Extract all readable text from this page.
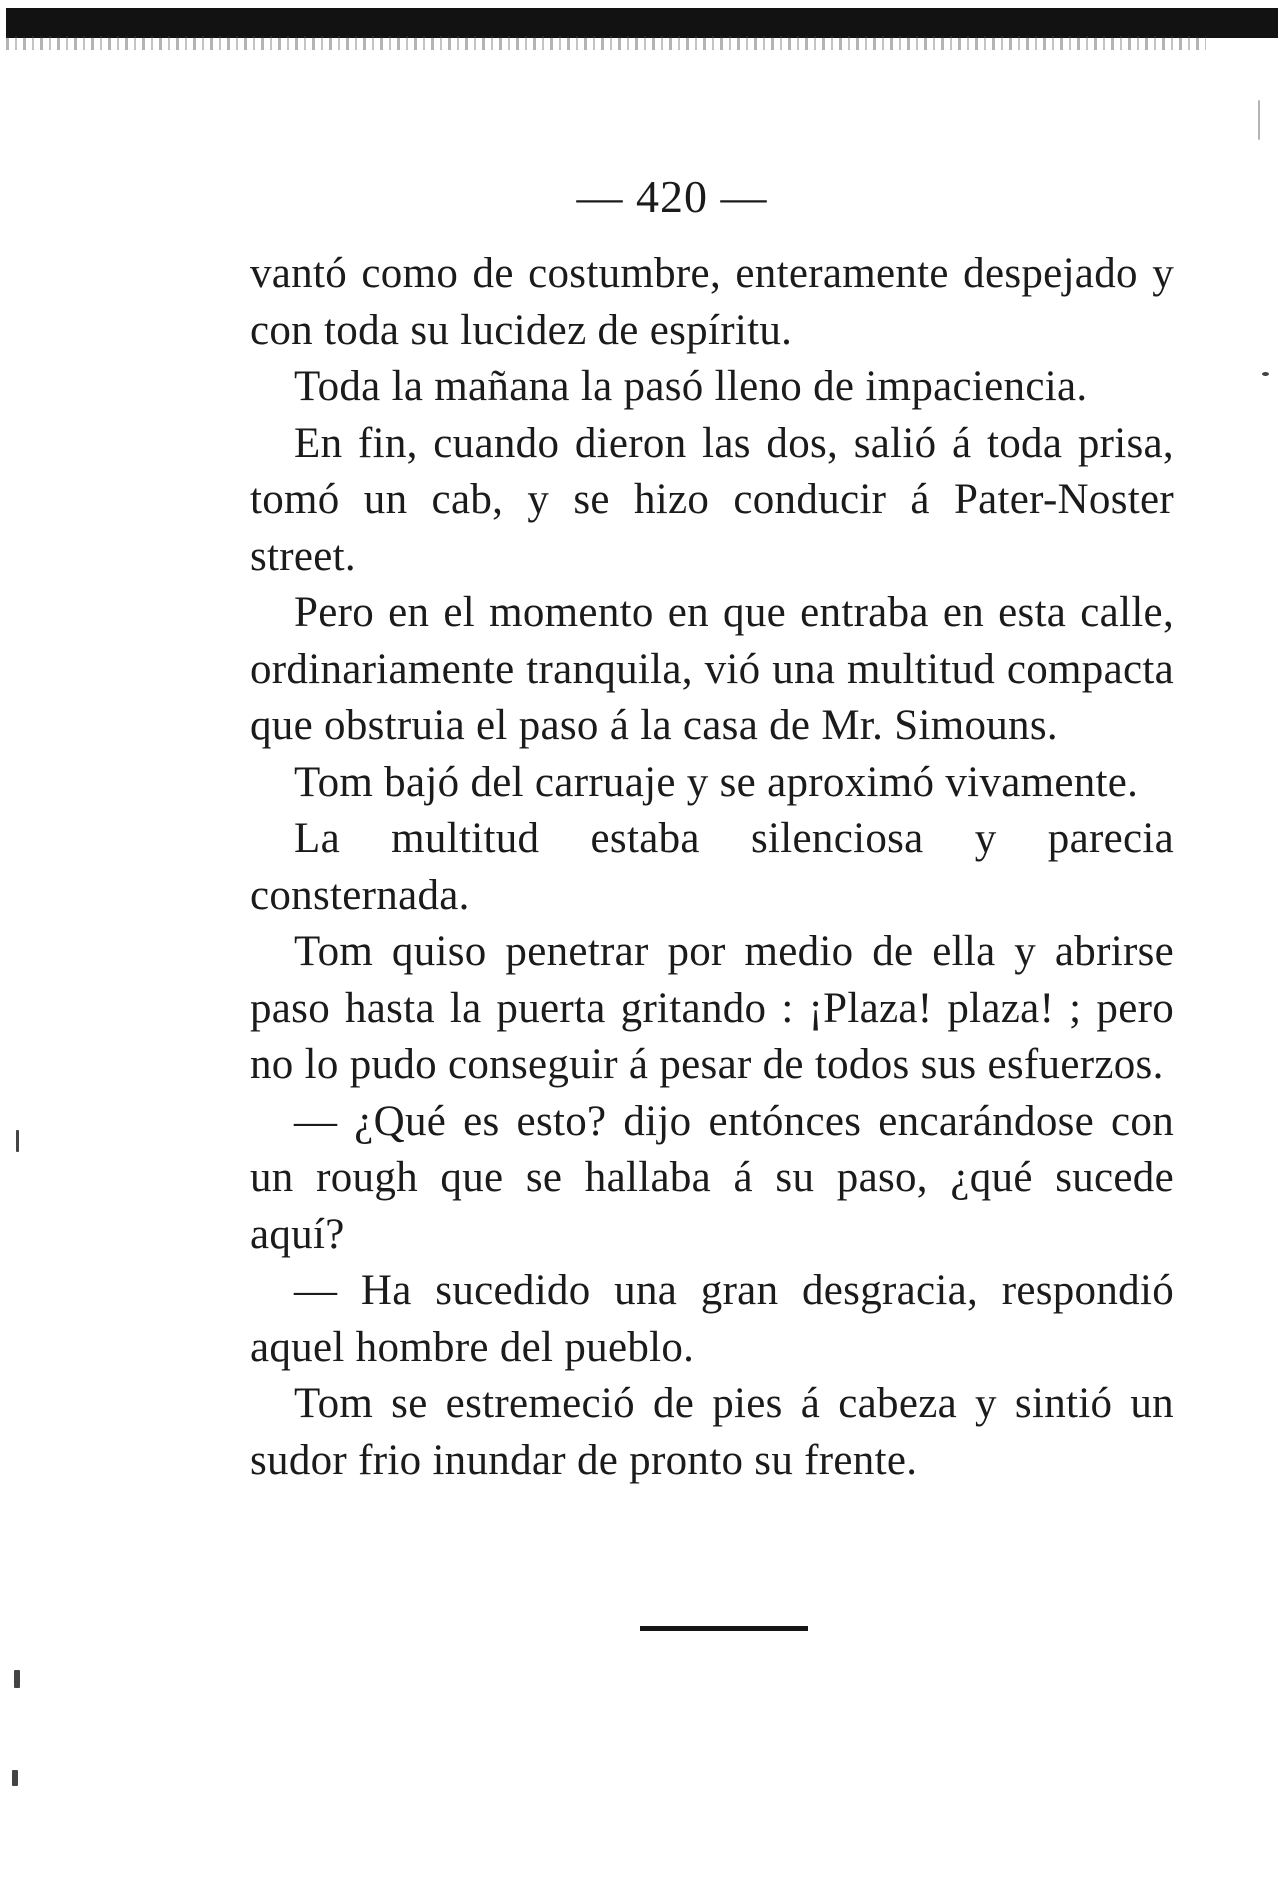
— 420 —

vantó como de costumbre, enteramente despejado y con toda su lucidez de espíritu.

Toda la mañana la pasó lleno de impaciencia.

En fin, cuando dieron las dos, salió á toda prisa, tomó un cab, y se hizo conducir á Pater-Noster street.

Pero en el momento en que entraba en esta calle, ordinariamente tranquila, vió una multitud compacta que obstruia el paso á la casa de Mr. Simouns.

Tom bajó del carruaje y se aproximó vivamente.

La multitud estaba silenciosa y parecia consternada.

Tom quiso penetrar por medio de ella y abrirse paso hasta la puerta gritando : ¡Plaza! plaza! ; pero no lo pudo conseguir á pesar de todos sus esfuerzos.

— ¿Qué es esto? dijo entónces encarándose con un rough que se hallaba á su paso, ¿qué sucede aquí?

— Ha sucedido una gran desgracia, respondió aquel hombre del pueblo.

Tom se estremeció de pies á cabeza y sintió un sudor frio inundar de pronto su frente.
